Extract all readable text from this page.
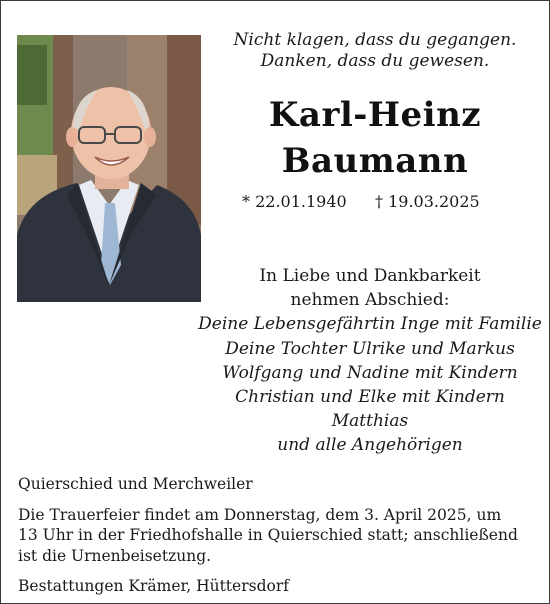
Nicht klagen, dass du gegangen.

Danken, dass du gewesen.

Karl-Heinz
Baumann
* 22.01.1940 † 19.03.2025
In Liebe und Dankbarkeit
nehmen Abschied:
Deine Lebensgefährtin Inge mit Familie
Deine Tochter Ulrike und Markus
Wolfgang und Nadine mit Kindern
Christian und Elke mit Kindern
Matthias
und alle Angehörigen

Quierschied und Merchweiler

Die Trauerfeier findet am Donnerstag, dem 3. April 2025, um

13 Uhr in der Friedhofshalle in Quierschied statt; anschließend

ist die Urnenbeisetzung.

Bestattungen Krämer, Hüttersdorf
